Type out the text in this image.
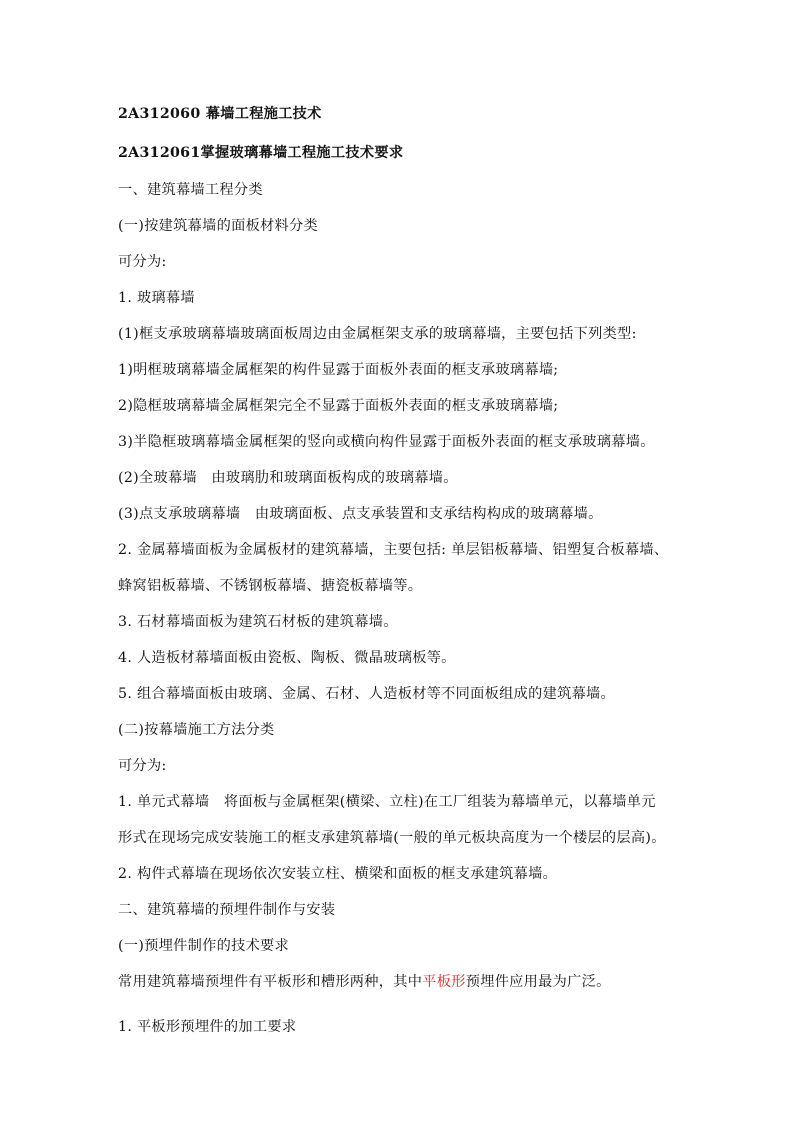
2A312060 幕墙工程施工技术
2A312061掌握玻璃幕墙工程施工技术要求
一、建筑幕墙工程分类
(一)按建筑幕墙的面板材料分类
可分为:
1. 玻璃幕墙
(1)框支承玻璃幕墙玻璃面板周边由金属框架支承的玻璃幕墙，主要包括下列类型:
1)明框玻璃幕墙金属框架的构件显露于面板外表面的框支承玻璃幕墙;
2)隐框玻璃幕墙金属框架完全不显露于面板外表面的框支承玻璃幕墙;
3)半隐框玻璃幕墙金属框架的竖向或横向构件显露于面板外表面的框支承玻璃幕墙。
(2)全玻幕墙　由玻璃肋和玻璃面板构成的玻璃幕墙。
(3)点支承玻璃幕墙　由玻璃面板、点支承装置和支承结构构成的玻璃幕墙。
2. 金属幕墙面板为金属板材的建筑幕墙，主要包括: 单层铝板幕墙、铝塑复合板幕墙、
蜂窝铝板幕墙、不锈钢板幕墙、搪瓷板幕墙等。
3. 石材幕墙面板为建筑石材板的建筑幕墙。
4. 人造板材幕墙面板由瓷板、陶板、微晶玻璃板等。
5. 组合幕墙面板由玻璃、金属、石材、人造板材等不同面板组成的建筑幕墙。
(二)按幕墙施工方法分类
可分为:
1. 单元式幕墙　将面板与金属框架(横梁、立柱)在工厂组装为幕墙单元，以幕墙单元
形式在现场完成安装施工的框支承建筑幕墙(一般的单元板块高度为一个楼层的层高)。
2. 构件式幕墙在现场依次安装立柱、横梁和面板的框支承建筑幕墙。
二、建筑幕墙的预埋件制作与安装
(一)预埋件制作的技术要求
常用建筑幕墙预埋件有平板形和槽形两种，其中平板形预埋件应用最为广泛。
1. 平板形预埋件的加工要求
